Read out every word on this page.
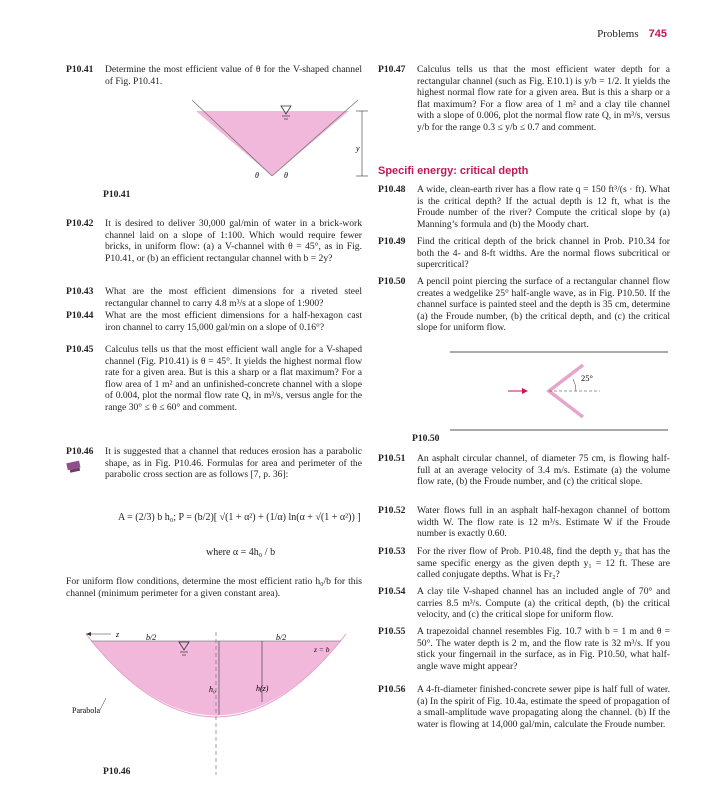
Problems 745
P10.41 Determine the most efficient value of θ for the V-shaped channel of Fig. P10.41.
y
θ	θ
P10.41
P10.42 It is desired to deliver 30,000 gal/min of water in a brick-work channel laid on a slope of 1:100. Which would require fewer bricks, in uniform flow: (a) a V-channel with θ = 45°, as in Fig. P10.41, or (b) an efficient rectangular channel with b = 2y?
P10.43 What are the most efficient dimensions for a riveted steel rectangular channel to carry 4.8 m³/s at a slope of 1:900?
P10.44 What are the most efficient dimensions for a half-hexagon cast iron channel to carry 15,000 gal/min on a slope of 0.16°?
P10.45 Calculus tells us that the most efficient wall angle for a V-shaped channel (Fig. P10.41) is θ = 45°. It yields the highest normal flow rate for a given area. But is this a sharp or a flat maximum? For a flow area of 1 m² and an unfinished-concrete channel with a slope of 0.004, plot the normal flow rate Q, in m³/s, versus angle for the range 30° ≤ θ ≤ 60° and comment.
P10.46 It is suggested that a channel that reduces erosion has a parabolic shape, as in Fig. P10.46. Formulas for area and perimeter of the parabolic cross section are as follows [7, p. 36]:
A = (2/3) b h₀; P = (b/2)[ √(1 + α²) + (1/α) ln(α + √(1 + α²)) ]
where α = 4h₀ / b
For uniform flow conditions, determine the most efficient ratio h₀/b for this channel (minimum perimeter for a given constant area).
z	b/2	b/2
z = b
h₀	h(z)
Parabola
P10.46
P10.47 Calculus tells us that the most efficient water depth for a rectangular channel (such as Fig. E10.1) is y/b = 1/2. It yields the highest normal flow rate for a given area. But is this a sharp or a flat maximum? For a flow area of 1 m² and a clay tile channel with a slope of 0.006, plot the normal flow rate Q, in m³/s, versus y/b for the range 0.3 ≤ y/b ≤ 0.7 and comment.
Specifi energy: critical depth
P10.48 A wide, clean-earth river has a flow rate q = 150 ft³/(s · ft). What is the critical depth? If the actual depth is 12 ft, what is the Froude number of the river? Compute the critical slope by (a) Manning’s formula and (b) the Moody chart.
P10.49 Find the critical depth of the brick channel in Prob. P10.34 for both the 4- and 8-ft widths. Are the normal flows subcritical or supercritical?
P10.50 A pencil point piercing the surface of a rectangular channel flow creates a wedgelike 25° half-angle wave, as in Fig. P10.50. If the channel surface is painted steel and the depth is 35 cm, determine (a) the Froude number, (b) the critical depth, and (c) the critical slope for uniform flow.
25°
P10.50
P10.51 An asphalt circular channel, of diameter 75 cm, is flowing half-full at an average velocity of 3.4 m/s. Estimate (a) the volume flow rate, (b) the Froude number, and (c) the critical slope.
P10.52 Water flows full in an asphalt half-hexagon channel of bottom width W. The flow rate is 12 m³/s. Estimate W if the Froude number is exactly 0.60.
P10.53 For the river flow of Prob. P10.48, find the depth y₂ that has the same specific energy as the given depth y₁ = 12 ft. These are called conjugate depths. What is Fr₂?
P10.54 A clay tile V-shaped channel has an included angle of 70° and carries 8.5 m³/s. Compute (a) the critical depth, (b) the critical velocity, and (c) the critical slope for uniform flow.
P10.55 A trapezoidal channel resembles Fig. 10.7 with b = 1 m and θ = 50°. The water depth is 2 m, and the flow rate is 32 m³/s. If you stick your fingernail in the surface, as in Fig. P10.50, what half-angle wave might appear?
P10.56 A 4-ft-diameter finished-concrete sewer pipe is half full of water. (a) In the spirit of Fig. 10.4a, estimate the speed of propagation of a small-amplitude wave propagating along the channel. (b) If the water is flowing at 14,000 gal/min, calculate the Froude number.
